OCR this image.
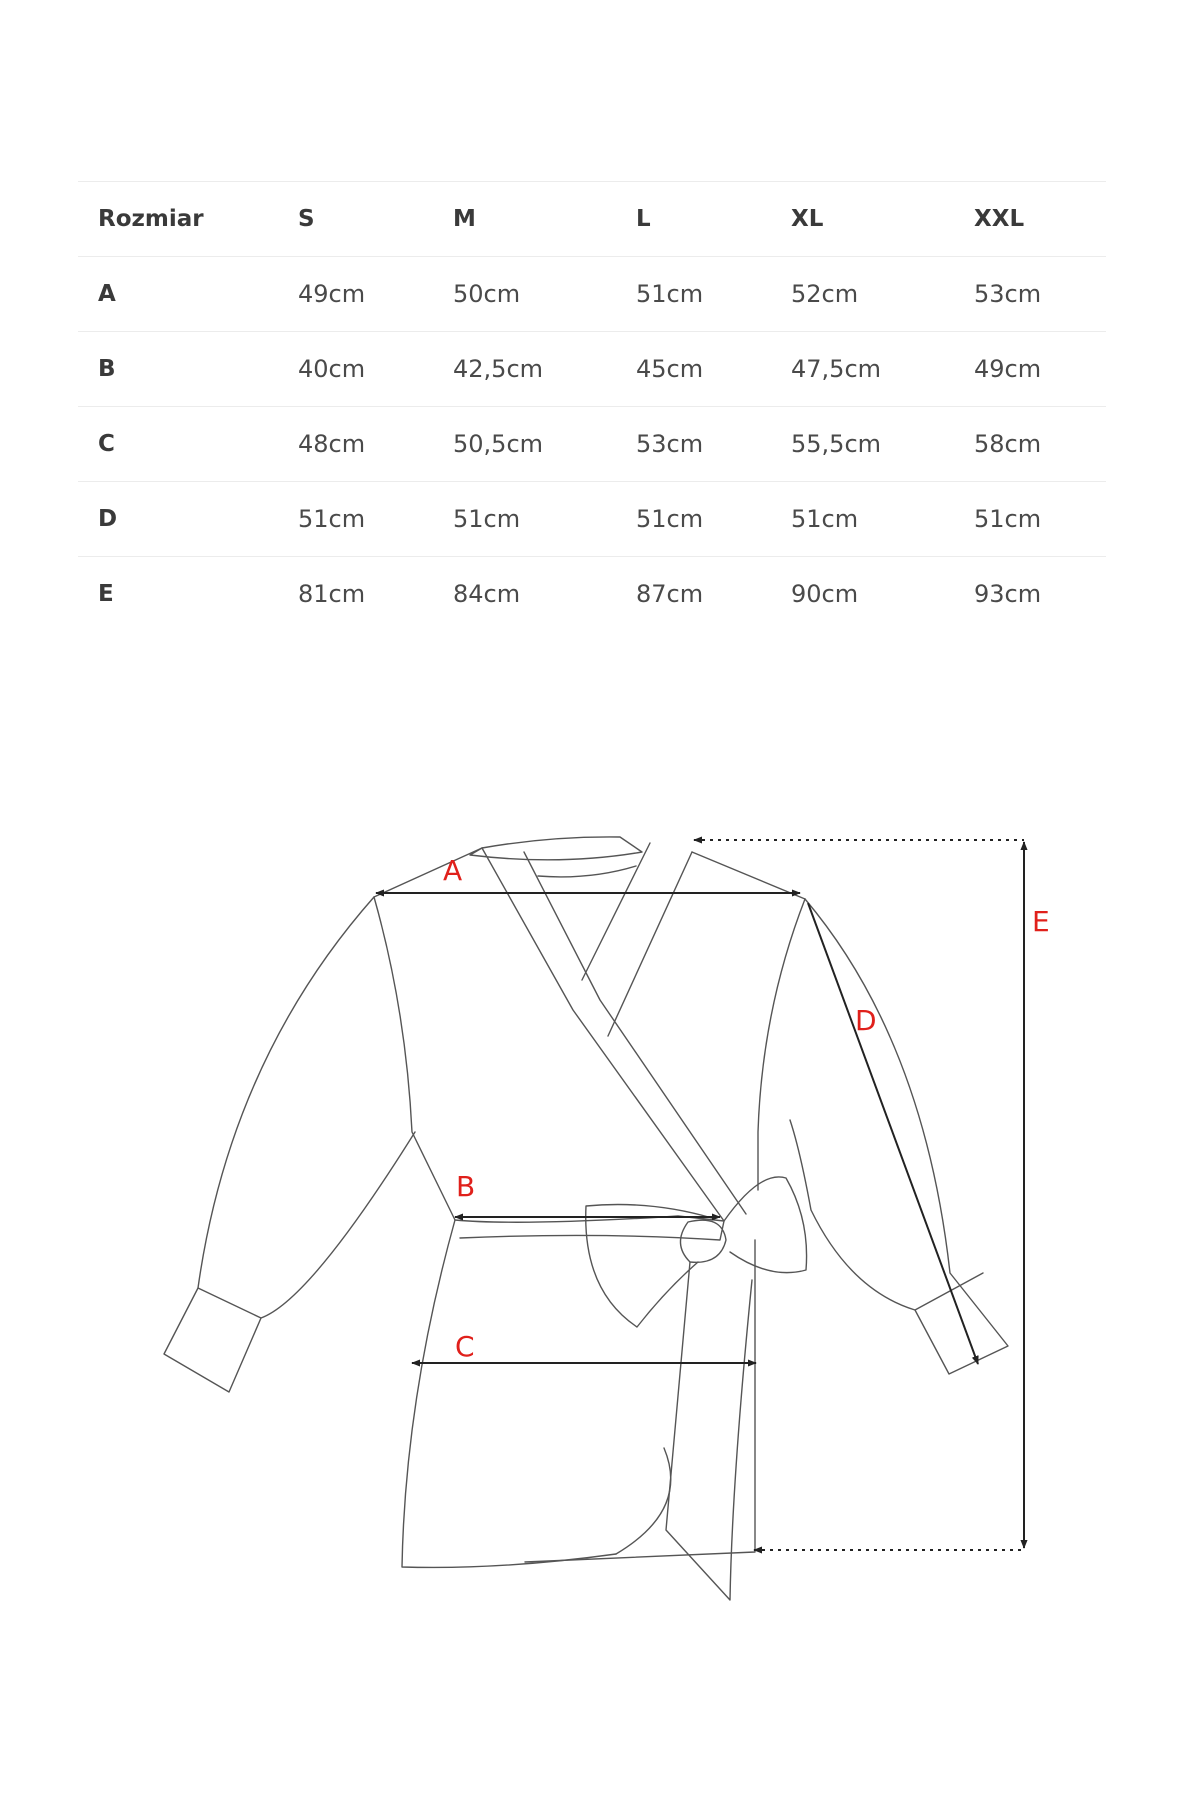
Rozmiar	S	M	L	XL	XXL
A	49cm	50cm	51cm	52cm	53cm
B	40cm	42,5cm	45cm	47,5cm	49cm
C	48cm	50,5cm	53cm	55,5cm	58cm
D	51cm	51cm	51cm	51cm	51cm
E	81cm	84cm	87cm	90cm	93cm
A
B
C
D
E
